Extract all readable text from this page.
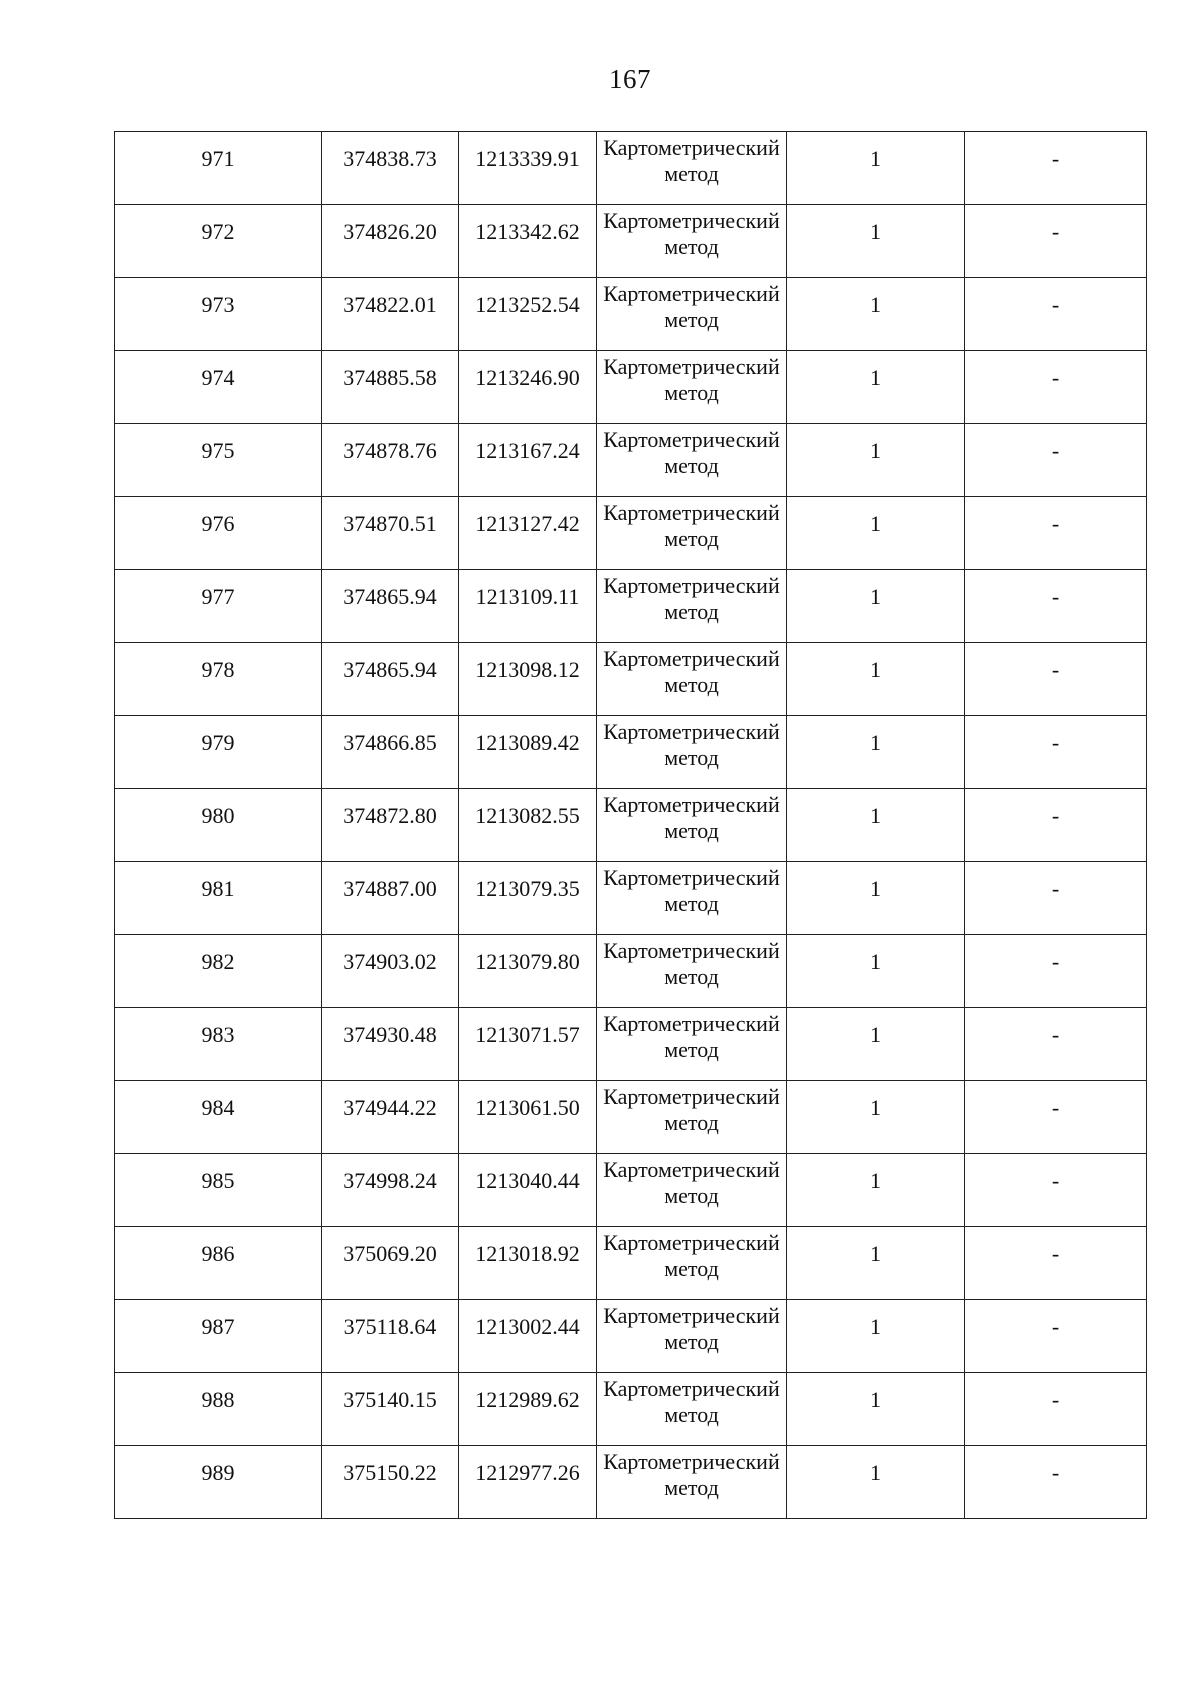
167
971	374838.73	1213339.91	Картометрический метод	1	-

972	374826.20	1213342.62	Картометрический метод	1	-

973	374822.01	1213252.54	Картометрический метод	1	-

974	374885.58	1213246.90	Картометрический метод	1	-

975	374878.76	1213167.24	Картометрический метод	1	-

976	374870.51	1213127.42	Картометрический метод	1	-

977	374865.94	1213109.11	Картометрический метод	1	-

978	374865.94	1213098.12	Картометрический метод	1	-

979	374866.85	1213089.42	Картометрический метод	1	-

980	374872.80	1213082.55	Картометрический метод	1	-

981	374887.00	1213079.35	Картометрический метод	1	-

982	374903.02	1213079.80	Картометрический метод	1	-

983	374930.48	1213071.57	Картометрический метод	1	-

984	374944.22	1213061.50	Картометрический метод	1	-

985	374998.24	1213040.44	Картометрический метод	1	-

986	375069.20	1213018.92	Картометрический метод	1	-

987	375118.64	1213002.44	Картометрический метод	1	-

988	375140.15	1212989.62	Картометрический метод	1	-

989	375150.22	1212977.26	Картометрический метод	1	-
